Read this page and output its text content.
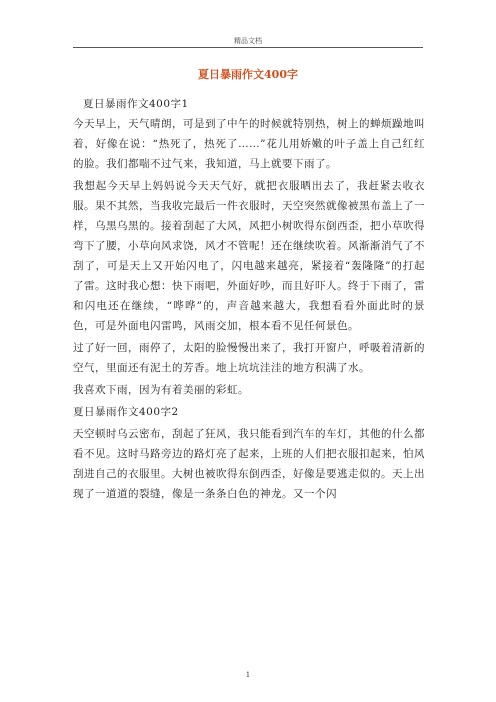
精品文档
夏日暴雨作文400字

夏日暴雨作文400字1

今天早上，天气晴朗，可是到了中午的时候就特别热，树上的蝉烦躁地叫着，好像在说：“热死了，热死了……”花儿用娇嫩的叶子盖上自己红红的脸。我们都喘不过气来，我知道，马上就要下雨了。

我想起今天早上妈妈说今天天气好，就把衣服晒出去了，我赶紧去收衣服。果不其然，当我收完最后一件衣服时，天空突然就像被黑布盖上了一样，乌黑乌黑的。接着刮起了大风，风把小树吹得东倒西歪，把小草吹得弯下了腰，小草向风求饶，风才不管呢！还在继续吹着。风渐渐消气了不刮了，可是天上又开始闪电了，闪电越来越亮，紧接着“轰隆隆”的打起了雷。这时我心想：快下雨吧，外面好吵，而且好吓人。终于下雨了，雷和闪电还在继续，“哗哗”的，声音越来越大，我想看看外面此时的景色，可是外面电闪雷鸣，风雨交加，根本看不见任何景色。

过了好一回，雨停了，太阳的脸慢慢出来了，我打开窗户，呼吸着清新的空气，里面还有泥土的芳香。地上坑坑洼洼的地方积满了水。

我喜欢下雨，因为有着美丽的彩虹。

夏日暴雨作文400字2

天空顿时乌云密布，刮起了狂风，我只能看到汽车的车灯，其他的什么都看不见。这时马路旁边的路灯亮了起来，上班的人们把衣服扣起来，怕风刮进自己的衣服里。大树也被吹得东倒西歪，好像是要逃走似的。天上出现了一道道的裂缝，像是一条条白色的神龙。又一个闪

1
